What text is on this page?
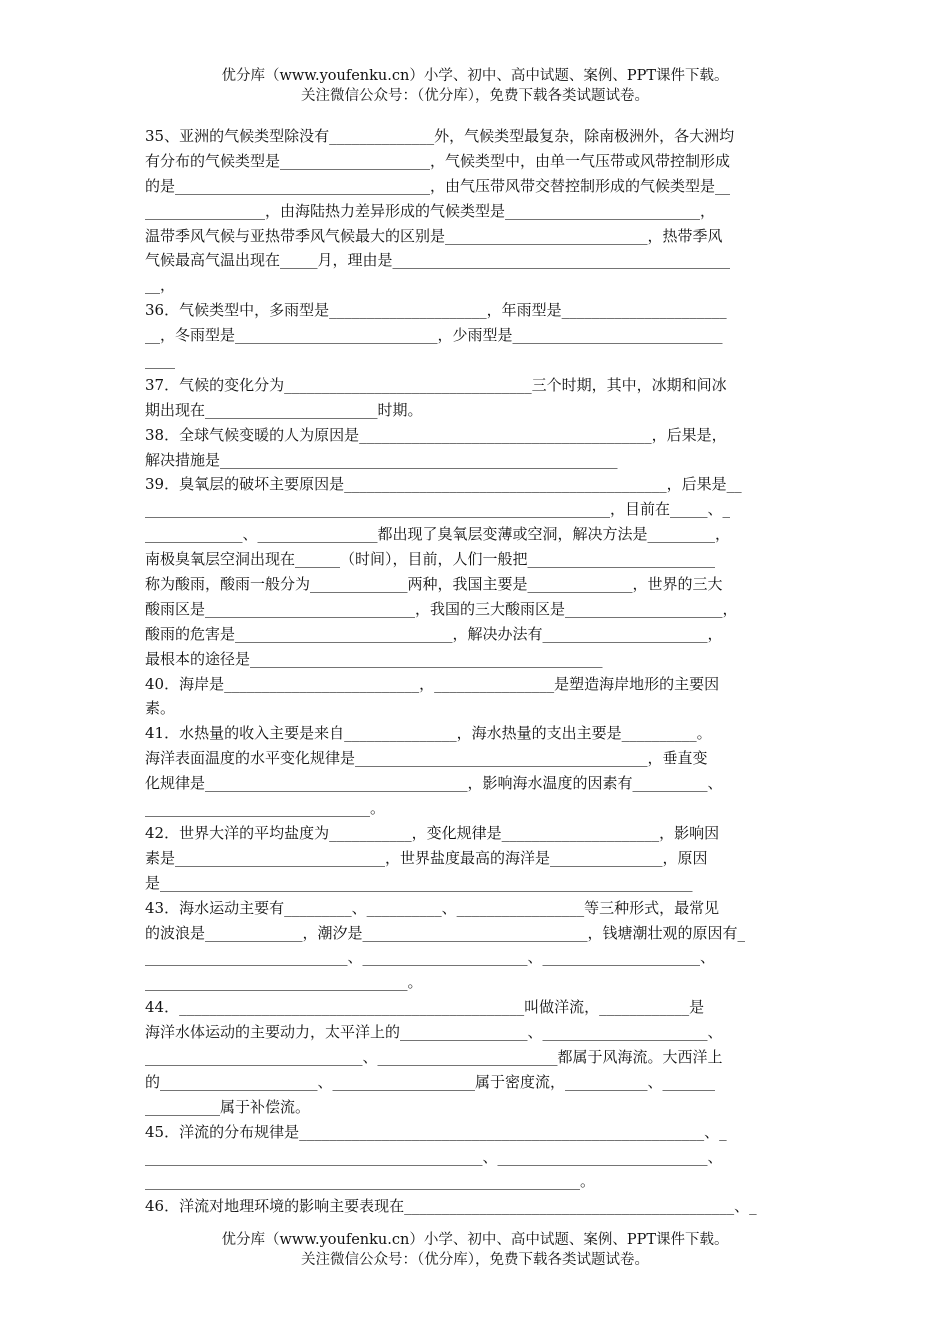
优分库（www.youfenku.cn）小学、初中、高中试题、案例、PPT课件下载。
关注微信公众号：（优分库），免费下载各类试题试卷。
35、亚洲的气候类型除没有______________外，气候类型最复杂，除南极洲外，各大洲均
有分布的气候类型是____________________，气候类型中，由单一气压带或风带控制形成
的是__________________________________，由气压带风带交替控制形成的气候类型是__
________________，由海陆热力差异形成的气候类型是__________________________，
温带季风气候与亚热带季风气候最大的区别是___________________________，热带季风
气候最高气温出现在_____月，理由是_____________________________________________
__，
36．气候类型中，多雨型是_____________________，年雨型是______________________
__，冬雨型是___________________________，少雨型是____________________________
____
37．气候的变化分为_________________________________三个时期，其中，冰期和间冰
期出现在_______________________时期。
38．全球气候变暖的人为原因是_______________________________________，后果是，
解决措施是_____________________________________________________
39．臭氧层的破坏主要原因是___________________________________________，后果是__
______________________________________________________________，目前在_____、_
_____________、________________都出现了臭氧层变薄或空洞，解决方法是_________，
南极臭氧层空洞出现在______（时间），目前，人们一般把_________________________
称为酸雨，酸雨一般分为_____________两种，我国主要是______________，世界的三大
酸雨区是____________________________，我国的三大酸雨区是_____________________，
酸雨的危害是_____________________________，解决办法有______________________，
最根本的途径是_______________________________________________
40．海岸是__________________________，________________是塑造海岸地形的主要因
素。
41．水热量的收入主要是来自_______________，海水热量的支出主要是__________。
海洋表面温度的水平变化规律是_______________________________________，垂直变
化规律是___________________________________，影响海水温度的因素有__________、
______________________________。
42．世界大洋的平均盐度为___________，变化规律是_____________________，影响因
素是____________________________，世界盐度最高的海洋是_______________，原因
是_______________________________________________________________________
43．海水运动主要有_________、__________、_________________等三种形式，最常见
的波浪是_____________，潮汐是______________________________，钱塘潮壮观的原因有_
___________________________、______________________、_____________________、
___________________________________。
44．______________________________________________叫做洋流，____________是
海洋水体运动的主要动力，太平洋上的_________________、______________________、
_____________________________、________________________都属于风海流。大西洋上
的_____________________、___________________属于密度流，___________、_______
__________属于补偿流。
45．洋流的分布规律是______________________________________________________、_
_____________________________________________、____________________________、
__________________________________________________________。
46．洋流对地理环境的影响主要表现在____________________________________________、_
优分库（www.youfenku.cn）小学、初中、高中试题、案例、PPT课件下载。
关注微信公众号：（优分库），免费下载各类试题试卷。
